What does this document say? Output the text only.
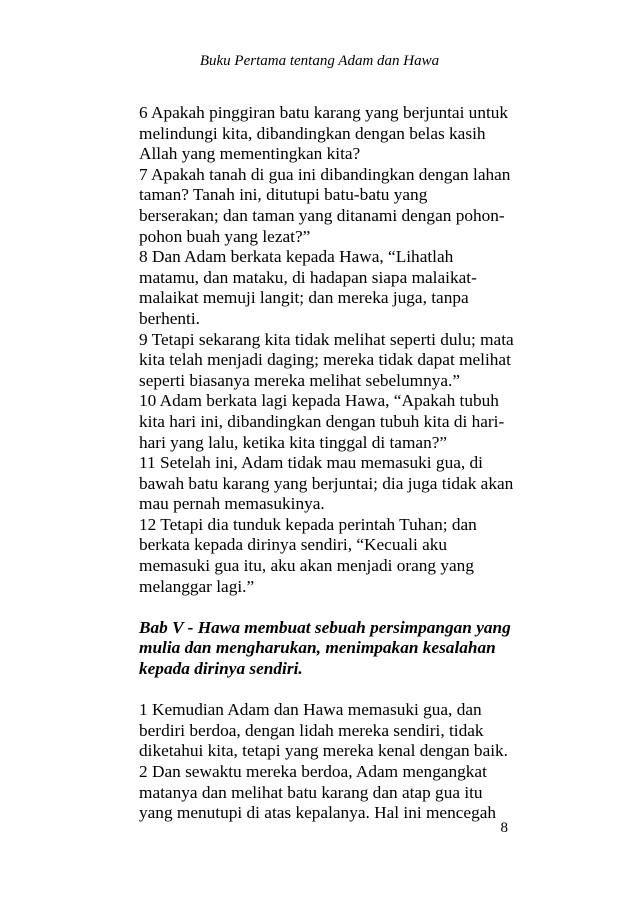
Buku Pertama tentang Adam dan Hawa
6 Apakah pinggiran batu karang yang berjuntai untuk
melindungi kita, dibandingkan dengan belas kasih
Allah yang mementingkan kita?
7 Apakah tanah di gua ini dibandingkan dengan lahan
taman? Tanah ini, ditutupi batu-batu yang
berserakan; dan taman yang ditanami dengan pohon-
pohon buah yang lezat?”
8 Dan Adam berkata kepada Hawa, “Lihatlah
matamu, dan mataku, di hadapan siapa malaikat-
malaikat memuji langit; dan mereka juga, tanpa
berhenti.
9 Tetapi sekarang kita tidak melihat seperti dulu; mata
kita telah menjadi daging; mereka tidak dapat melihat
seperti biasanya mereka melihat sebelumnya.”
10 Adam berkata lagi kepada Hawa, “Apakah tubuh
kita hari ini, dibandingkan dengan tubuh kita di hari-
hari yang lalu, ketika kita tinggal di taman?”
11 Setelah ini, Adam tidak mau memasuki gua, di
bawah batu karang yang berjuntai; dia juga tidak akan
mau pernah memasukinya.
12 Tetapi dia tunduk kepada perintah Tuhan; dan
berkata kepada dirinya sendiri, “Kecuali aku
memasuki gua itu, aku akan menjadi orang yang
melanggar lagi.”
Bab V - Hawa membuat sebuah persimpangan yang
mulia dan mengharukan, menimpakan kesalahan
kepada dirinya sendiri.
1 Kemudian Adam dan Hawa memasuki gua, dan
berdiri berdoa, dengan lidah mereka sendiri, tidak
diketahui kita, tetapi yang mereka kenal dengan baik.
2 Dan sewaktu mereka berdoa, Adam mengangkat
matanya dan melihat batu karang dan atap gua itu
yang menutupi di atas kepalanya. Hal ini mencegah
8
